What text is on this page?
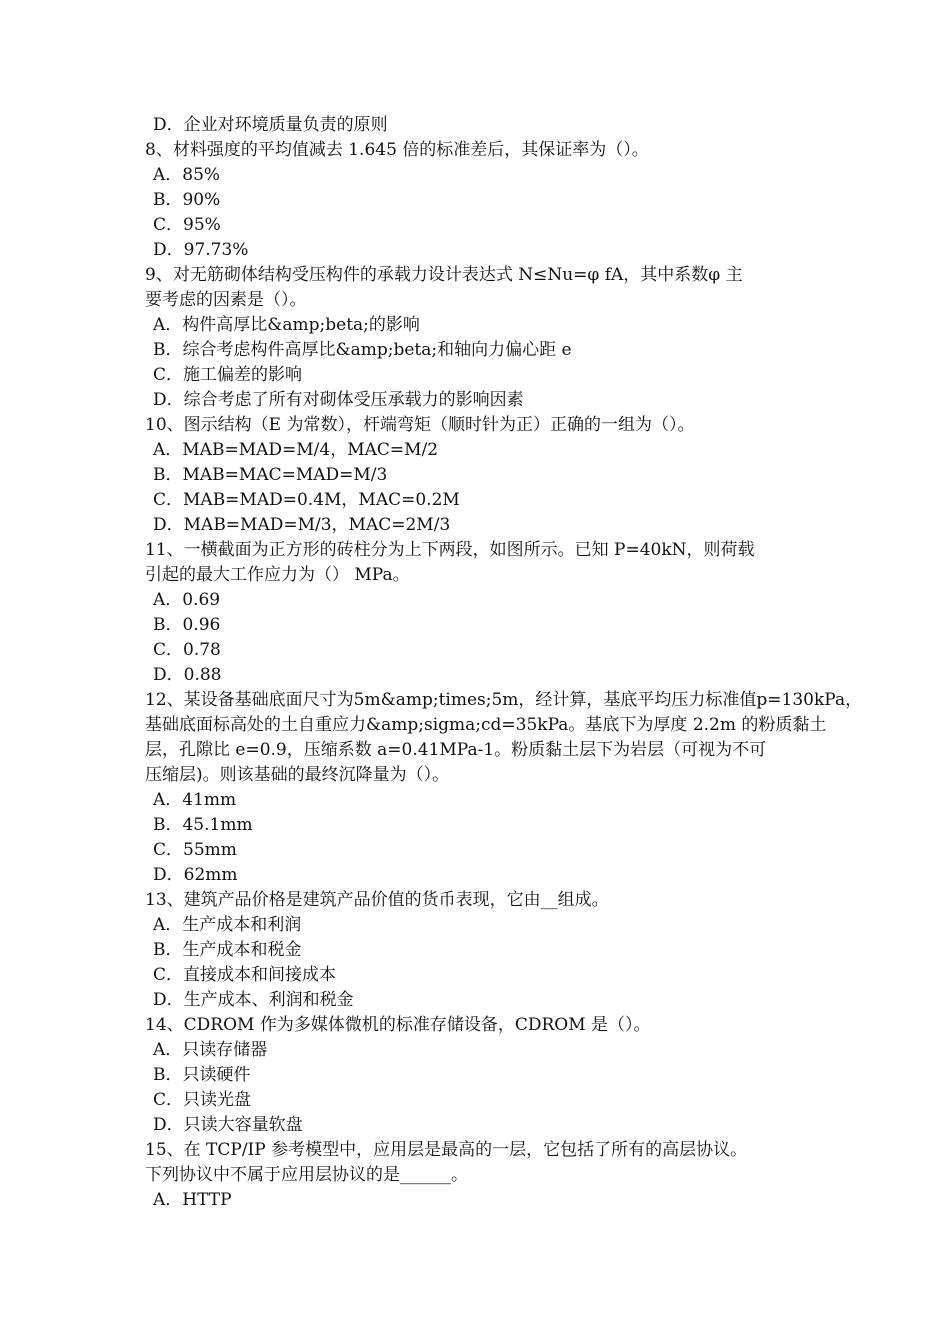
D．企业对环境质量负责的原则
8、材料强度的平均值减去 1.645 倍的标准差后，其保证率为（）。
A．85%
B．90%
C．95%
D．97.73%
9、对无筋砌体结构受压构件的承载力设计表达式 N≤Nu=φ fA，其中系数φ 主
要考虑的因素是（）。
A．构件高厚比&amp;beta;的影响
B．综合考虑构件高厚比&amp;beta;和轴向力偏心距 e
C．施工偏差的影响
D．综合考虑了所有对砌体受压承载力的影响因素
10、图示结构（E 为常数），杆端弯矩（顺时针为正）正确的一组为（）。
A．MAB=MAD=M/4，MAC=M/2
B．MAB=MAC=MAD=M/3
C．MAB=MAD=0.4M，MAC=0.2M
D．MAB=MAD=M/3，MAC=2M/3
11、一横截面为正方形的砖柱分为上下两段，如图所示。已知 P=40kN，则荷载
引起的最大工作应力为（） MPa。
A．0.69
B．0.96
C．0.78
D．0.88
12、某设备基础底面尺寸为5m&amp;times;5m，经计算，基底平均压力标准值p=130kPa，
基础底面标高处的土自重应力&amp;sigma;cd=35kPa。基底下为厚度 2.2m 的粉质黏土
层，孔隙比 e=0.9，压缩系数 a=0.41MPa-1。粉质黏土层下为岩层（可视为不可
压缩层)。则该基础的最终沉降量为（）。
A．41mm
B．45.1mm
C．55mm
D．62mm
13、建筑产品价格是建筑产品价值的货币表现，它由__组成。
A．生产成本和利润
B．生产成本和税金
C．直接成本和间接成本
D．生产成本、利润和税金
14、CDROM 作为多媒体微机的标准存储设备，CDROM 是（）。
A．只读存储器
B．只读硬件
C．只读光盘
D．只读大容量软盘
15、在 TCP/IP 参考模型中，应用层是最高的一层，它包括了所有的高层协议。
下列协议中不属于应用层协议的是______。
A．HTTP
